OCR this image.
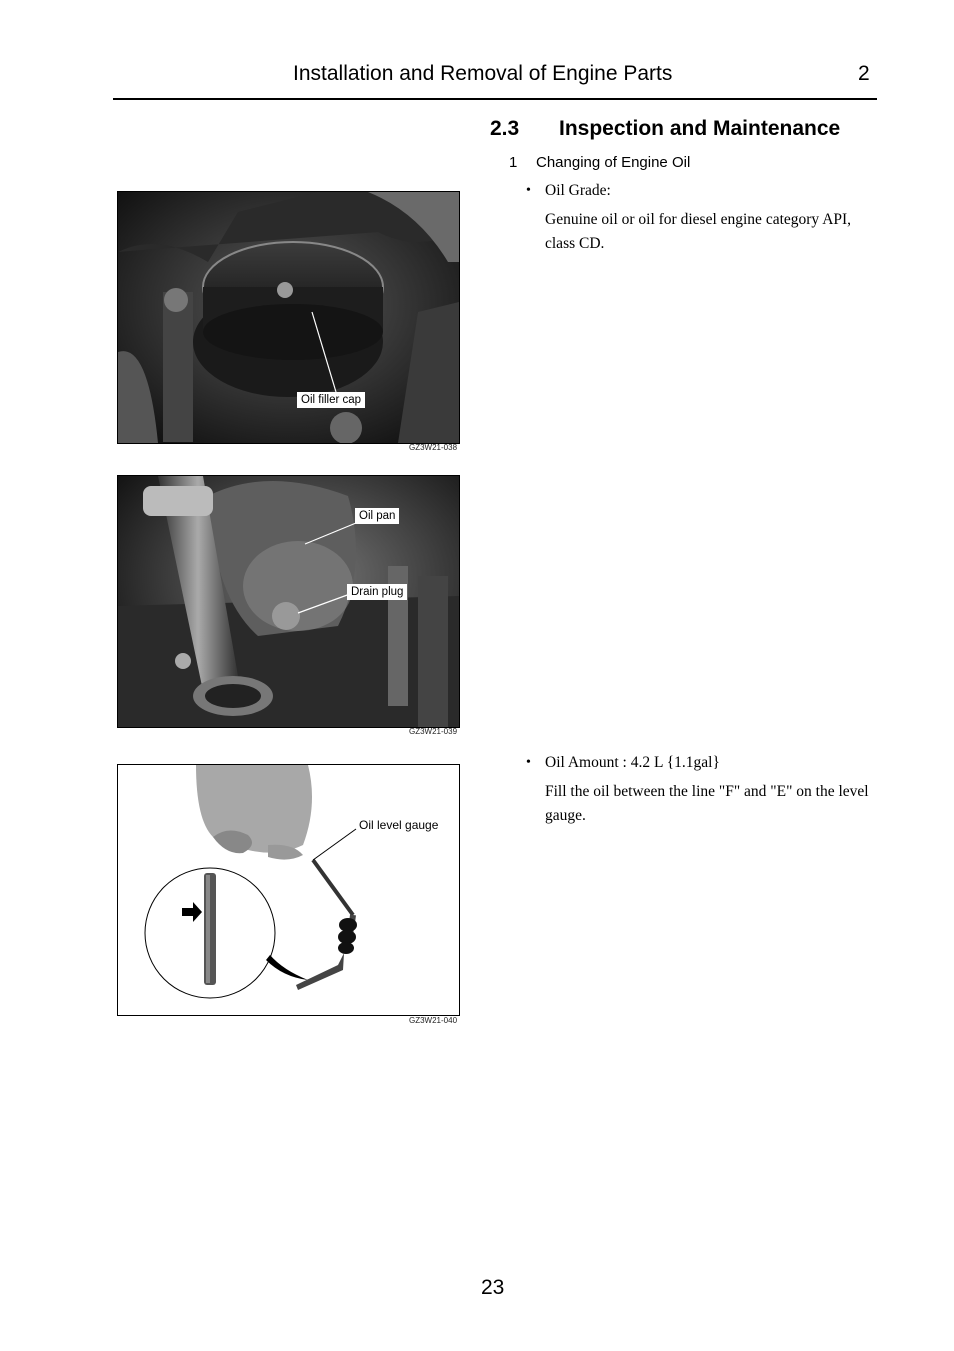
Installation and Removal of Engine Parts	2
2.3 Inspection and Maintenance
1 Changing of Engine Oil
• Oil Grade:
Genuine oil or oil for diesel engine category API, class CD.
• Oil Amount : 4.2 L {1.1gal}
Fill the oil between the line "F" and "E" on the level gauge.
Oil filler cap
GZ3W21-038
Oil pan
Drain plug
GZ3W21-039
Oil level gauge
GZ3W21-040
23
